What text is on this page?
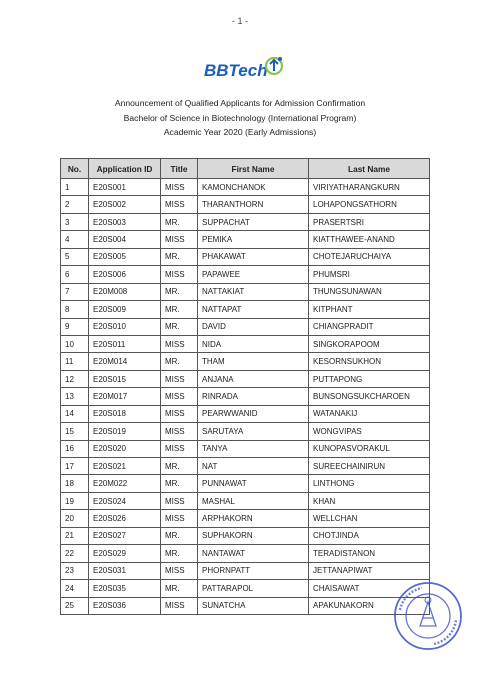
- 1 -
BBTech
Announcement of Qualified Applicants for Admission Confirmation
Bachelor of Science in Biotechnology (International Program)
Academic Year 2020 (Early Admissions)
No.	Application ID	Title	First Name	Last Name
1	E20S001	MISS	KAMONCHANOK	VIRIYATHARANGKURN
2	E20S002	MISS	THARANTHORN	LOHAPONGSATHORN
3	E20S003	MR.	SUPPACHAT	PRASERTSRI
4	E20S004	MISS	PEMIKA	KIATTHAWEE-ANAND
5	E20S005	MR.	PHAKAWAT	CHOTEJARUCHAIYA
6	E20S006	MISS	PAPAWEE	PHUMSRI
7	E20M008	MR.	NATTAKIAT	THUNGSUNAWAN
8	E20S009	MR.	NATTAPAT	KITPHANT
9	E20S010	MR.	DAVID	CHIANGPRADIT
10	E20S011	MISS	NIDA	SINGKORAPOOM
11	E20M014	MR.	THAM	KESORNSUKHON
12	E20S015	MISS	ANJANA	PUTTAPONG
13	E20M017	MISS	RINRADA	BUNSONGSUKCHAROEN
14	E20S018	MISS	PEARWWANID	WATANAKIJ
15	E20S019	MISS	SARUTAYA	WONGVIPAS
16	E20S020	MISS	TANYA	KUNOPASVORAKUL
17	E20S021	MR.	NAT	SUREECHAINIRUN
18	E20M022	MR.	PUNNAWAT	LINTHONG
19	E20S024	MISS	MASHAL	KHAN
20	E20S026	MISS	ARPHAKORN	WELLCHAN
21	E20S027	MR.	SUPHAKORN	CHOTJINDA
22	E20S029	MR.	NANTAWAT	TERADISTANON
23	E20S031	MISS	PHORNPATT	JETTANAPIWAT
24	E20S035	MR.	PATTARAPOL	CHAISAWAT
25	E20S036	MISS	SUNATCHA	APAKUNAKORN
